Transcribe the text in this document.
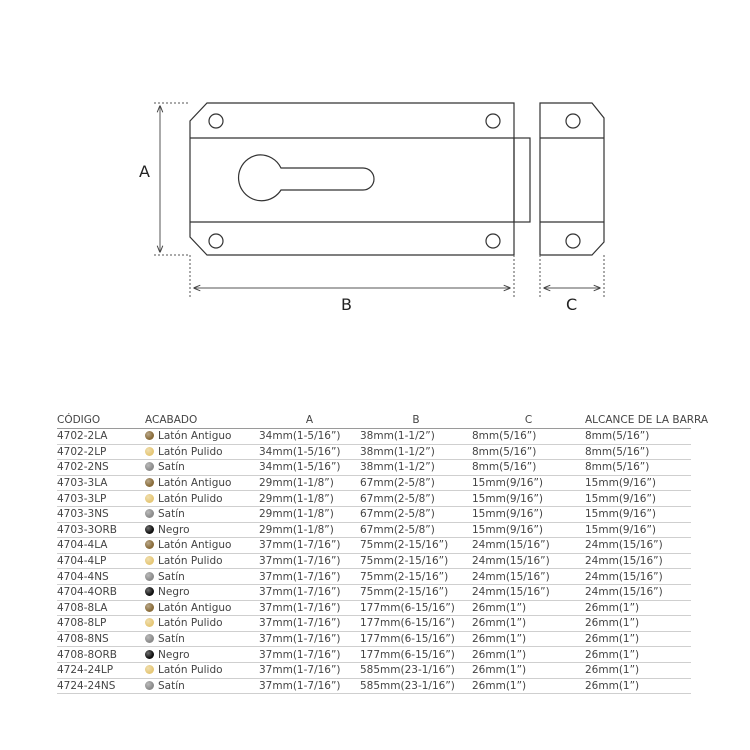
A
B	C
CÓDIGO	ACABADO	A	B	C	ALCANCE DE LA BARRA
4702-2LA	Latón Antiguo	34mm(1-5/16”)	38mm(1-1/2”)	8mm(5/16”)	8mm(5/16”)
4702-2LP	Latón Pulido	34mm(1-5/16”)	38mm(1-1/2”)	8mm(5/16”)	8mm(5/16”)
4702-2NS	Satín	34mm(1-5/16”)	38mm(1-1/2”)	8mm(5/16”)	8mm(5/16”)
4703-3LA	Latón Antiguo	29mm(1-1/8”)	67mm(2-5/8”)	15mm(9/16”)	15mm(9/16”)
4703-3LP	Latón Pulido	29mm(1-1/8”)	67mm(2-5/8”)	15mm(9/16”)	15mm(9/16”)
4703-3NS	Satín	29mm(1-1/8”)	67mm(2-5/8”)	15mm(9/16”)	15mm(9/16”)
4703-3ORB	Negro	29mm(1-1/8”)	67mm(2-5/8”)	15mm(9/16”)	15mm(9/16”)
4704-4LA	Latón Antiguo	37mm(1-7/16”)	75mm(2-15/16”)	24mm(15/16”)	24mm(15/16”)
4704-4LP	Latón Pulido	37mm(1-7/16”)	75mm(2-15/16”)	24mm(15/16”)	24mm(15/16”)
4704-4NS	Satín	37mm(1-7/16”)	75mm(2-15/16”)	24mm(15/16”)	24mm(15/16”)
4704-4ORB	Negro	37mm(1-7/16”)	75mm(2-15/16”)	24mm(15/16”)	24mm(15/16”)
4708-8LA	Latón Antiguo	37mm(1-7/16”)	177mm(6-15/16”)	26mm(1”)	26mm(1”)
4708-8LP	Latón Pulido	37mm(1-7/16”)	177mm(6-15/16”)	26mm(1”)	26mm(1”)
4708-8NS	Satín	37mm(1-7/16”)	177mm(6-15/16”)	26mm(1”)	26mm(1”)
4708-8ORB	Negro	37mm(1-7/16”)	177mm(6-15/16”)	26mm(1”)	26mm(1”)
4724-24LP	Latón Pulido	37mm(1-7/16”)	585mm(23-1/16”)	26mm(1”)	26mm(1”)
4724-24NS	Satín	37mm(1-7/16”)	585mm(23-1/16”)	26mm(1”)	26mm(1”)
